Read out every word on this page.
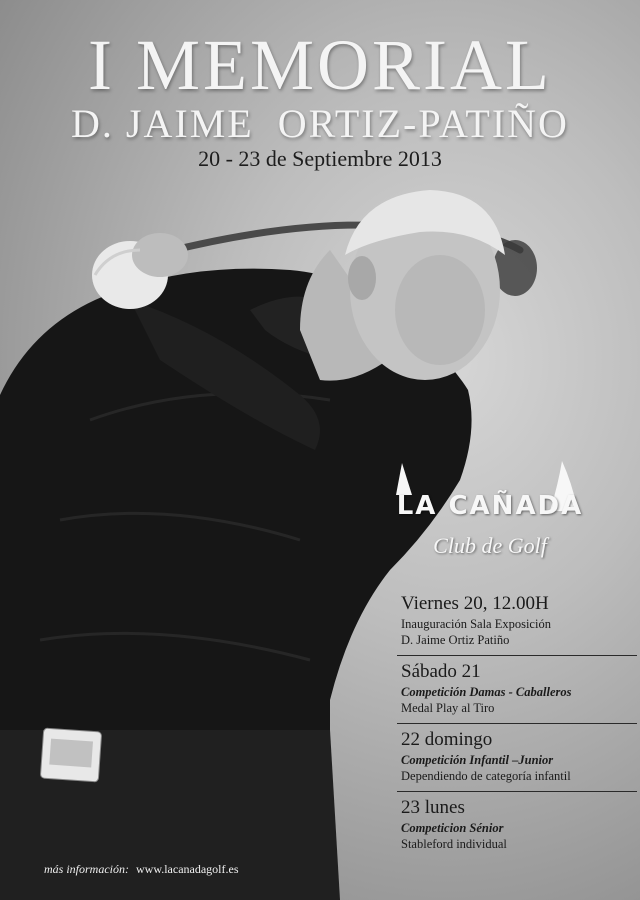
I MEMORIAL
D. JAIME  ORTIZ-PATIÑO
20 - 23 de Septiembre 2013
LA CAÑADA
Club de Golf
Viernes 20, 12.00H
Inauguración Sala Exposición
D. Jaime Ortiz Patiño
Sábado 21
Competición Damas - Caballeros
Medal Play al Tiro
22 domingo
Competición Infantil –Junior
Dependiendo de categoría infantil
23 lunes
Competicion Sénior
Stableford individual
más información: www.lacanadagolf.es
